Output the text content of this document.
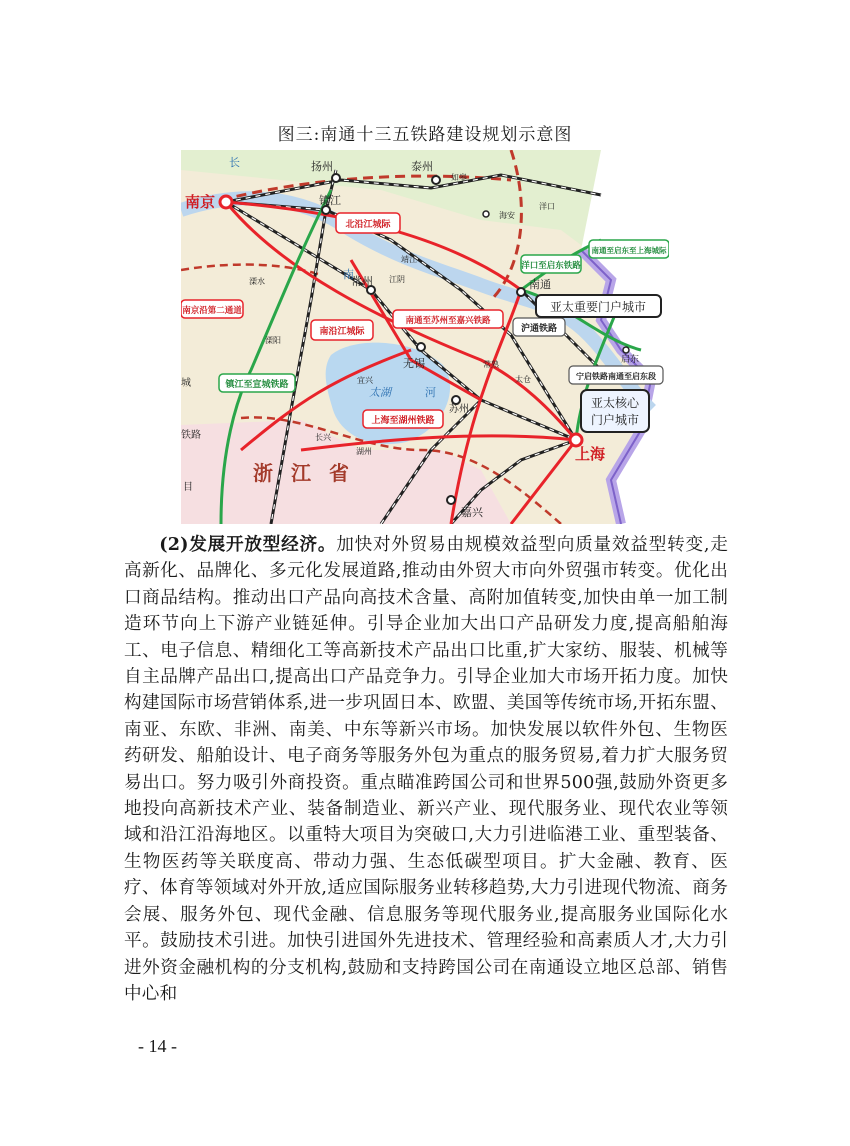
图三:南通十三五铁路建设规划示意图
南京
上海
扬州	泰州
镇江
常州
无锡
苏州
嘉兴
南通
海安
洋口
如皋
靖江
江阴
常熟
太仓
启东
湖州
长兴
宜兴
溧阳
溧水
太湖
浙江省
长
南
河
城
铁路
目
北沿江城际
南沿江城际
南通至苏州至嘉兴铁路
上海至湖州铁路
镇江至宣城铁路
南京沿第二通道
洋口至启东铁路
南通至启东至上海城际
沪通铁路
宁启铁路南通至启东段
亚太重要门户城市
亚太核心
门户城市
(2)发展开放型经济。加快对外贸易由规模效益型向质量效益型转变,走高新化、品牌化、多元化发展道路,推动由外贸大市向外贸强市转变。优化出口商品结构。推动出口产品向高技术含量、高附加值转变,加快由单一加工制造环节向上下游产业链延伸。引导企业加大出口产品研发力度,提高船舶海工、电子信息、精细化工等高新技术产品出口比重,扩大家纺、服装、机械等自主品牌产品出口,提高出口产品竞争力。引导企业加大市场开拓力度。加快构建国际市场营销体系,进一步巩固日本、欧盟、美国等传统市场,开拓东盟、南亚、东欧、非洲、南美、中东等新兴市场。加快发展以软件外包、生物医药研发、船舶设计、电子商务等服务外包为重点的服务贸易,着力扩大服务贸易出口。努力吸引外商投资。重点瞄准跨国公司和世界500强,鼓励外资更多地投向高新技术产业、装备制造业、新兴产业、现代服务业、现代农业等领域和沿江沿海地区。以重特大项目为突破口,大力引进临港工业、重型装备、生物医药等关联度高、带动力强、生态低碳型项目。扩大金融、教育、医疗、体育等领域对外开放,适应国际服务业转移趋势,大力引进现代物流、商务会展、服务外包、现代金融、信息服务等现代服务业,提高服务业国际化水平。鼓励技术引进。加快引进国外先进技术、管理经验和高素质人才,大力引进外资金融机构的分支机构,鼓励和支持跨国公司在南通设立地区总部、销售中心和
- 14 -
